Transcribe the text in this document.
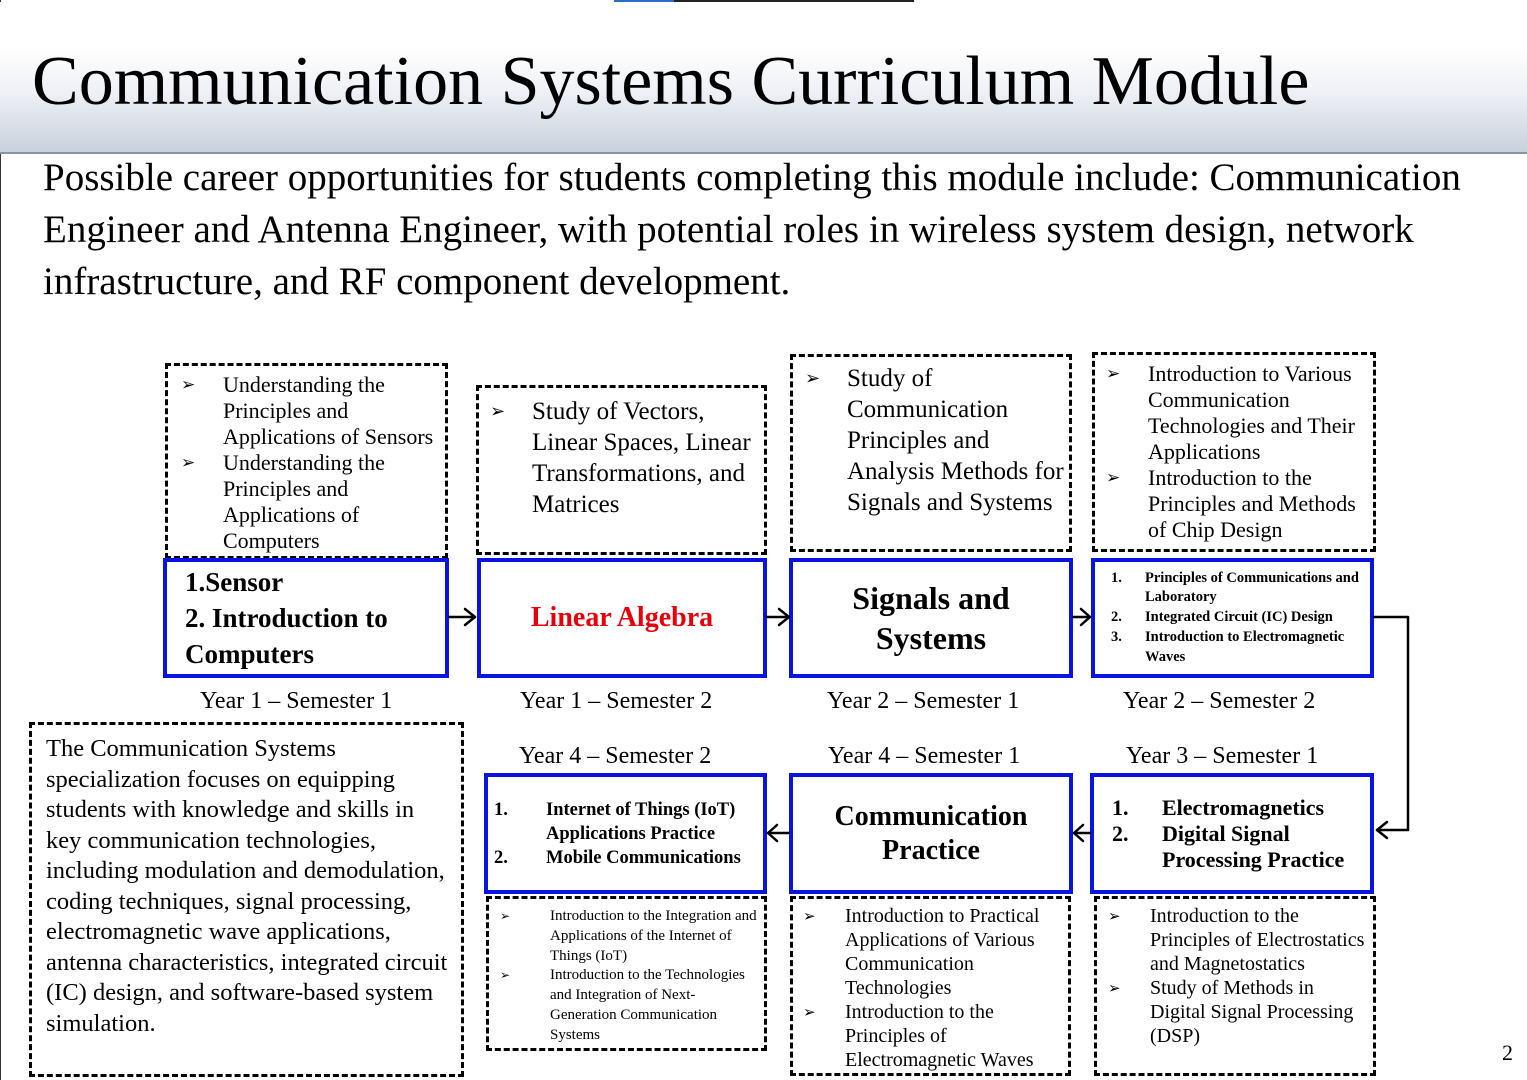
Communication Systems Curriculum Module

Possible career opportunities for students completing this module include: Communication Engineer and Antenna Engineer, with potential roles in wireless system design, network infrastructure, and RF component development.

➢ Understanding the Principles and Applications of Sensors
➢ Understanding the Principles and Applications of Computers
➢ Study of Vectors, Linear Spaces, Linear Transformations, and Matrices
➢ Study of Communication Principles and Analysis Methods for Signals and Systems
➢ Introduction to Various Communication Technologies and Their Applications
➢ Introduction to the Principles and Methods of Chip Design
➢ Introduction to the Integration and Applications of the Internet of Things (IoT)
➢ Introduction to the Technologies and Integration of Next-Generation Communication Systems
➢ Introduction to Practical Applications of Various Communication Technologies
➢ Introduction to the Principles of Electromagnetic Waves
➢ Introduction to the Principles of Electrostatics and Magnetostatics
➢ Study of Methods in Digital Signal Processing (DSP)

The Communication Systems specialization focuses on equipping students with knowledge and skills in key communication technologies, including modulation and demodulation, coding techniques, signal processing, electromagnetic wave applications, antenna characteristics, integrated circuit (IC) design, and software-based system simulation.

1.Sensor
2. Introduction to
Computers
Linear Algebra
Signals and
Systems
1. Principles of Communications and Laboratory
2. Integrated Circuit (IC) Design
3. Introduction to Electromagnetic Waves
1. Internet of Things (IoT) Applications Practice
2. Mobile Communications
Communication
Practice
1. Electromagnetics
2. Digital Signal Processing Practice
Year 1 – Semester 1	Year 1 – Semester 2	Year 2 – Semester 1	Year 2 – Semester 2
Year 4 – Semester 2	Year 4 – Semester 1	Year 3 – Semester 1
2
